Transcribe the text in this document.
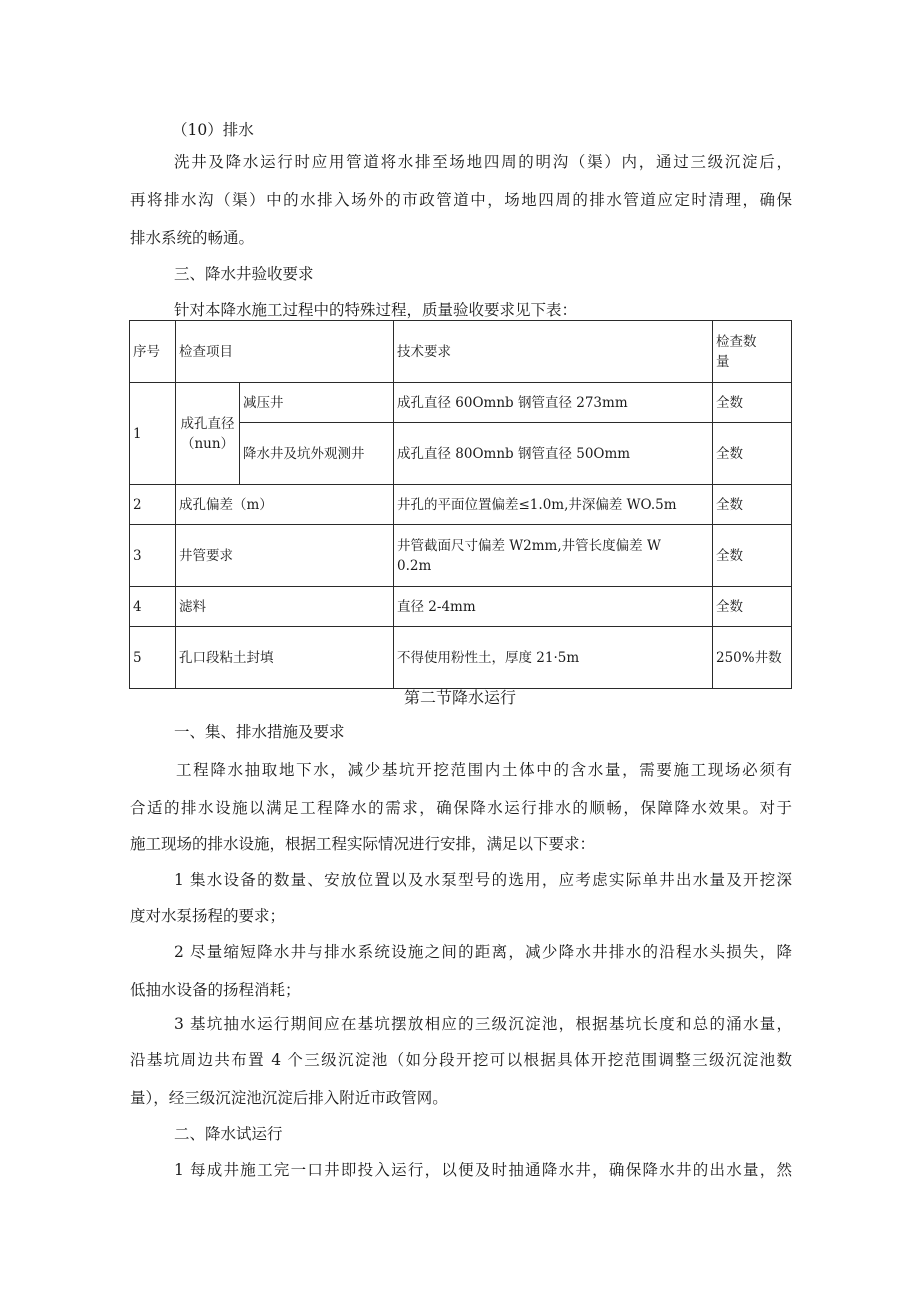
（10）排水
洗井及降水运行时应用管道将水排至场地四周的明沟（渠）内，通过三级沉淀后，
再将排水沟（渠）中的水排入场外的市政管道中，场地四周的排水管道应定时清理，确保
排水系统的畅通。
三、降水井验收要求
针对本降水施工过程中的特殊过程，质量验收要求见下表：
序号	检查项目		技术要求	检查数
量

1	成孔直径
（nun）	减压井	成孔直径 60Omnb 钢管直径 273mm	全数
		降水井及坑外观测井	成孔直径 80Omnb 钢管直径 50Omm	全数
2	成孔偏差（m）		井孔的平面位置偏差≤1.0m,井深偏差 WO.5m	全数
3	井管要求		井管截面尺寸偏差 W2mm,井管长度偏差 W
0.2m	全数
4	滤料		直径 2-4mm	全数
5	孔口段粘土封填		不得使用粉性土，厚度 21·5m	250%井数
第二节降水运行
一、集、排水措施及要求
工程降水抽取地下水，减少基坑开挖范围内土体中的含水量，需要施工现场必须有
合适的排水设施以满足工程降水的需求，确保降水运行排水的顺畅，保障降水效果。对于
施工现场的排水设施，根据工程实际情况进行安排，满足以下要求：
1 集水设备的数量、安放位置以及水泵型号的选用，应考虑实际单井出水量及开挖深
度对水泵扬程的要求；
2 尽量缩短降水井与排水系统设施之间的距离，减少降水井排水的沿程水头损失，降
低抽水设备的扬程消耗；
3 基坑抽水运行期间应在基坑摆放相应的三级沉淀池，根据基坑长度和总的涌水量，
沿基坑周边共布置 4 个三级沉淀池（如分段开挖可以根据具体开挖范围调整三级沉淀池数
量），经三级沉淀池沉淀后排入附近市政管网。
二、降水试运行
1 每成井施工完一口井即投入运行，以便及时抽通降水井，确保降水井的出水量，然
